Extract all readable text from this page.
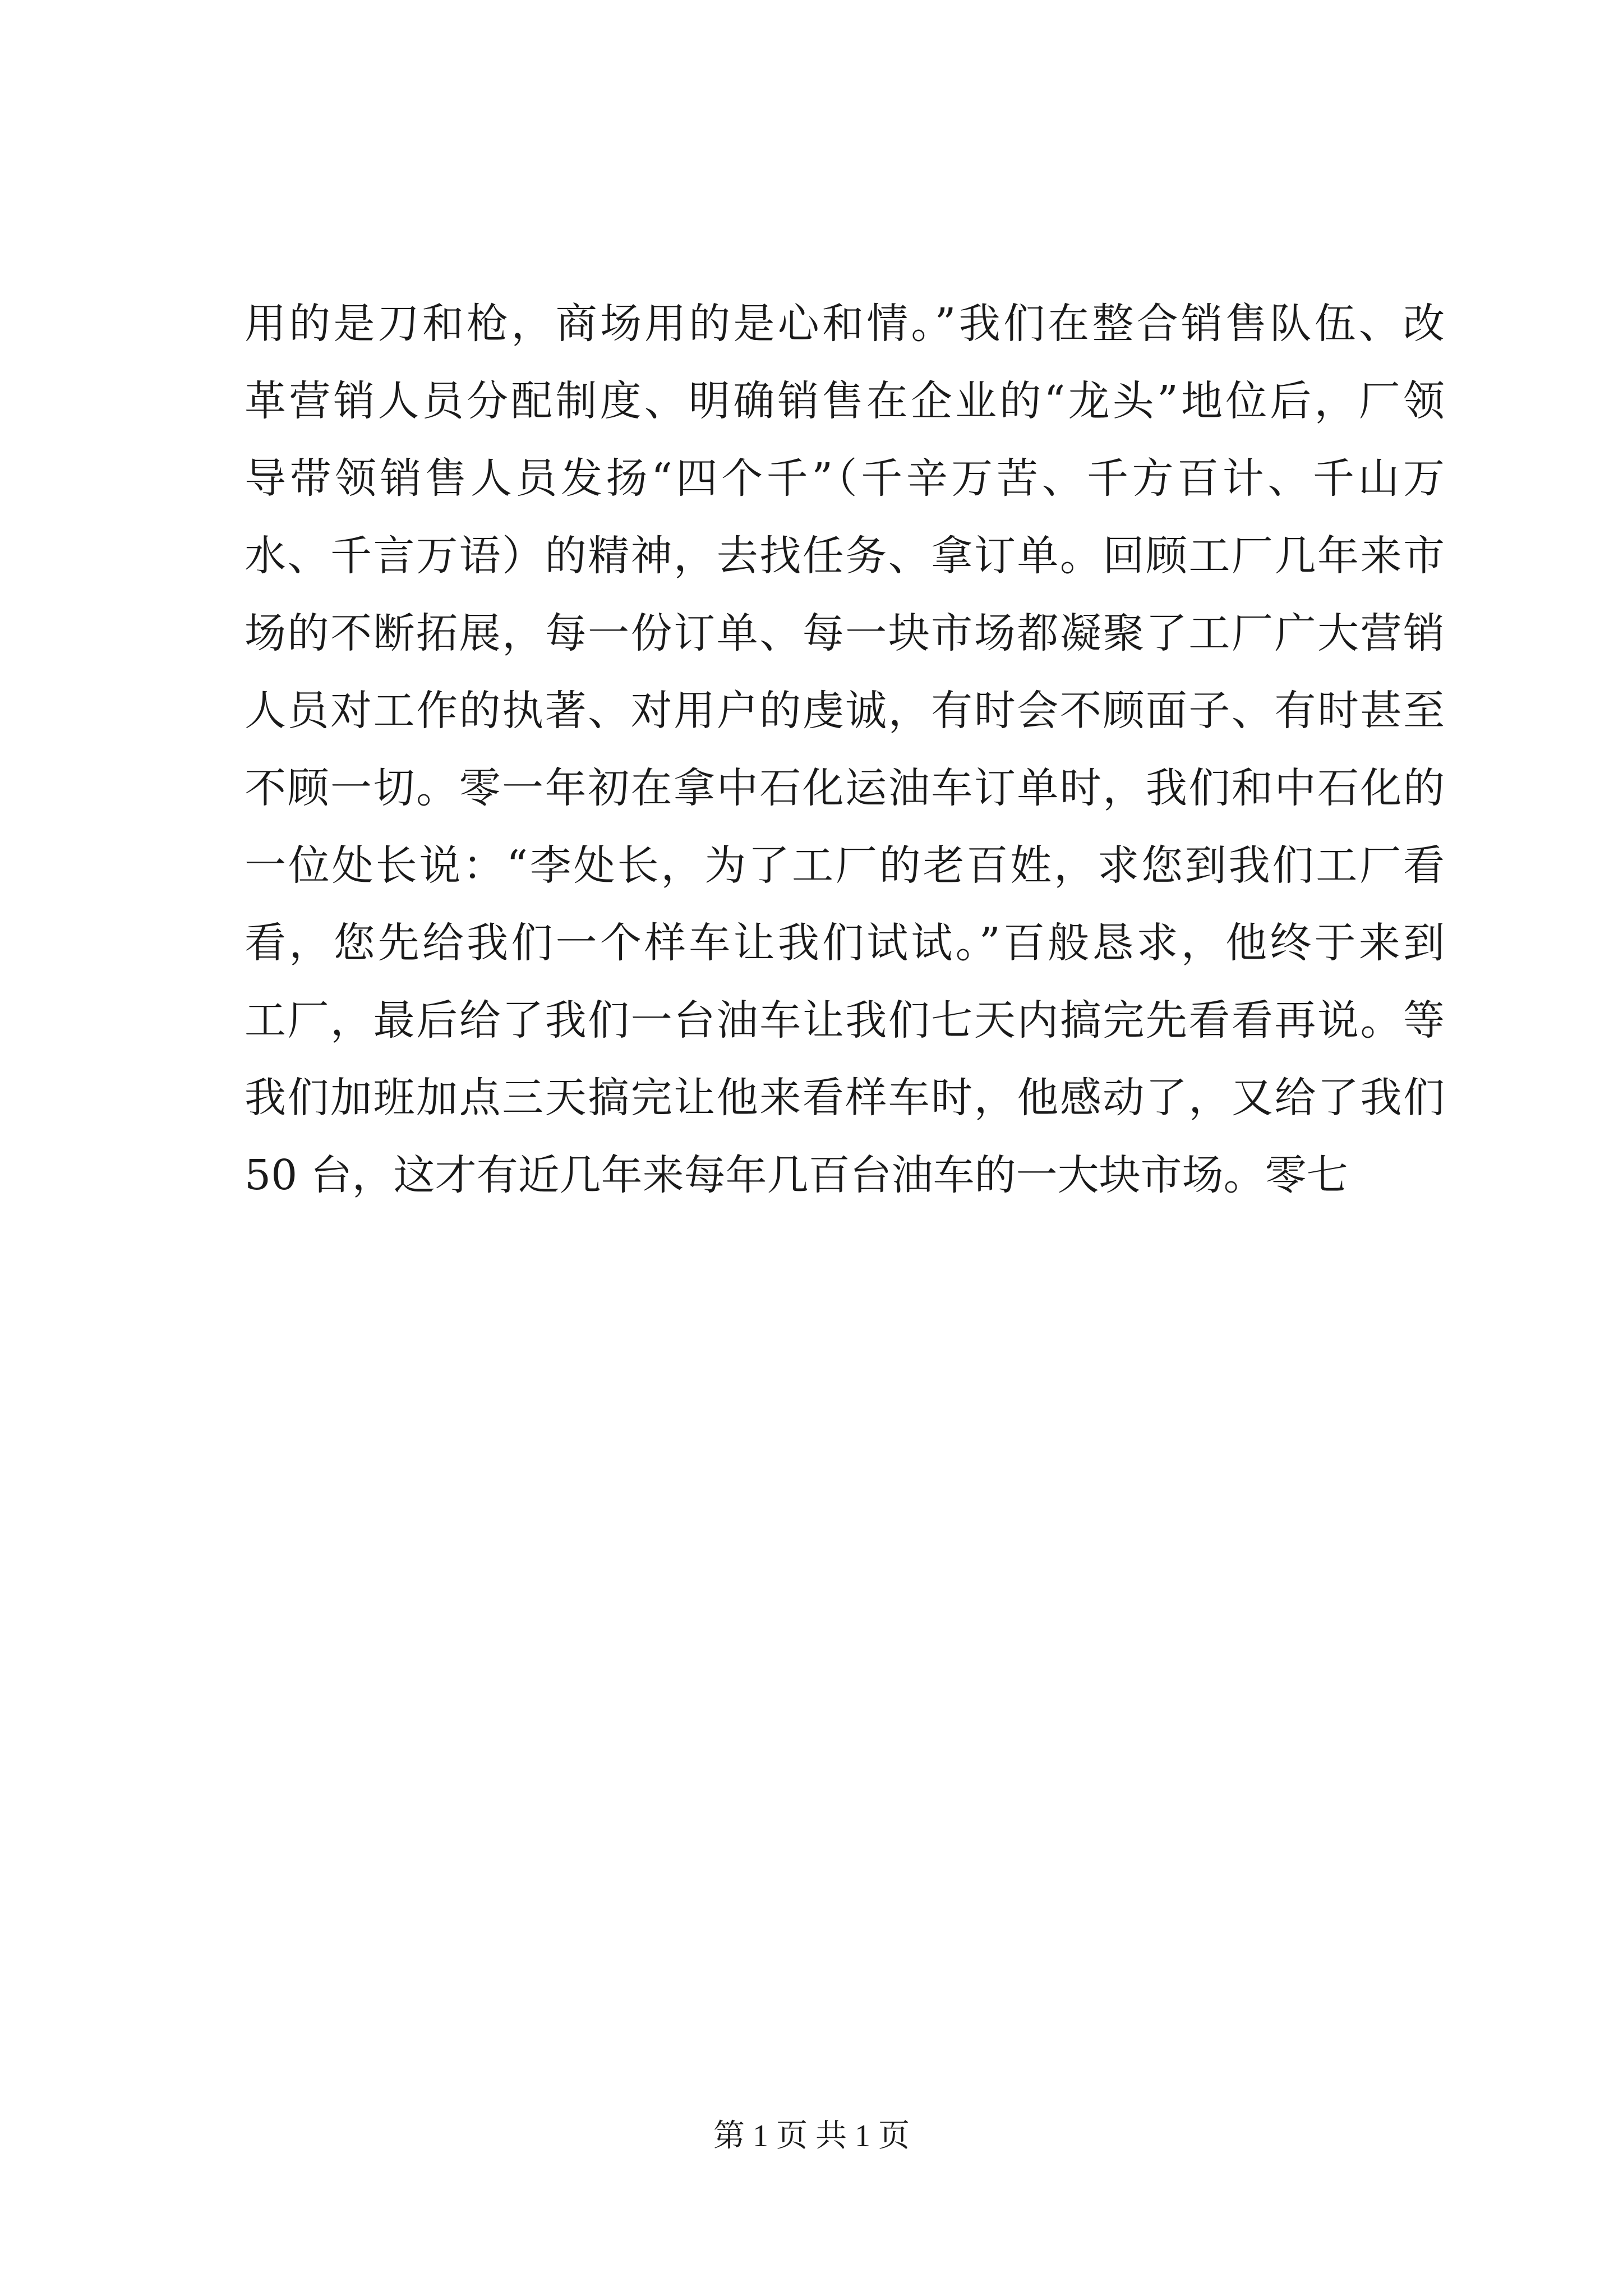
用的是刀和枪，商场用的是心和情。”我们在整合销售队伍、改
革营销人员分配制度、明确销售在企业的“龙头”地位后，厂领
导带领销售人员发扬“四个千”（千辛万苦、千方百计、千山万
水、千言万语）的精神，去找任务、拿订单。回顾工厂几年来市
场的不断拓展，每一份订单、每一块市场都凝聚了工厂广大营销
人员对工作的执著、对用户的虔诚，有时会不顾面子、有时甚至
不顾一切。零一年初在拿中石化运油车订单时，我们和中石化的
一位处长说：“李处长，为了工厂的老百姓，求您到我们工厂看
看，您先给我们一个样车让我们试试。”百般恳求，他终于来到
工厂，最后给了我们一台油车让我们七天内搞完先看看再说。等
我们加班加点三天搞完让他来看样车时，他感动了，又给了我们
50 台，这才有近几年来每年几百台油车的一大块市场。零七
第 1 页 共 1 页
